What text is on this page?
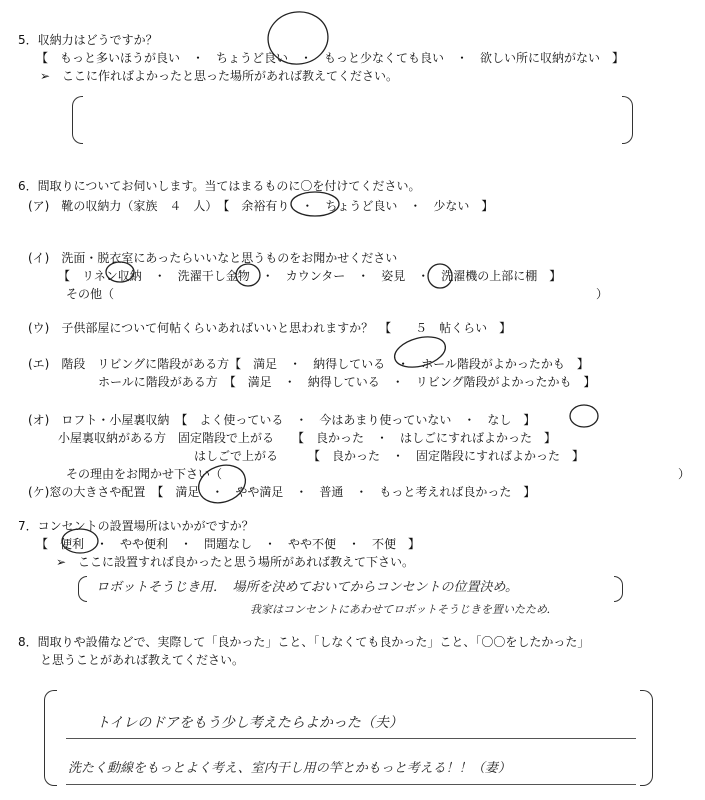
5．収納力はどうですか？
【　もっと多いほうが良い　・　ちょうど良い　・　もっと少なくても良い　・　欲しい所に収納がない　】
➢　ここに作ればよかったと思った場所があれば教えてください。
6．間取りについてお伺いします。当てはまるものに〇を付けてください。
(ア)　靴の収納力（家族　４　人）　【　余裕有り　・　ちょうど良い　・　少ない　】
(イ)　洗面・脱衣室にあったらいいなと思うものをお聞かせください
【　リネン収納　・　洗濯干し金物　・　カウンター　・　姿見　・　洗濯機の上部に棚　】
その他（	）
(ウ)　子供部屋について何帖くらいあればいいと思われますか？　【　　５　帖くらい　】
(エ)　階段　リビングに階段がある方【　満足　・　納得している　・　ホール階段がよかったかも　】
ホールに階段がある方　【　満足　・　納得している　・　リビング階段がよかったかも　】
(オ)　ロフト・小屋裏収納　【　よく使っている　・　今はあまり使っていない　・　なし　】
小屋裏収納がある方　固定階段で上がる　　【　良かった　・　はしごにすればよかった　】
はしごで上がる　　　【　良かった　・　固定階段にすればよかった　】
その理由をお聞かせ下さい（	）
(ケ)窓の大きさや配置　【　満足　・　やや満足　・　普通　・　もっと考えれば良かった　】
7．コンセントの設置場所はいかがですか？
【　便利　・　やや便利　・　問題なし　・　やや不便　・　不便　】
➢　ここに設置すれば良かったと思う場所があれば教えて下さい。
ロボットそうじき用．　場所を決めておいてからコンセントの位置決め。
我家はコンセントにあわせてロボットそうじきを置いたため．
8．間取りや設備などで、実際して「良かった」こと、「しなくても良かった」こと、「〇〇をしたかった」
と思うことがあれば教えてください。
トイレのドアをもう少し考えたらよかった（夫）
洗たく動線をもっとよく考え、室内干し用の竿とかもっと考える！！（妻）
